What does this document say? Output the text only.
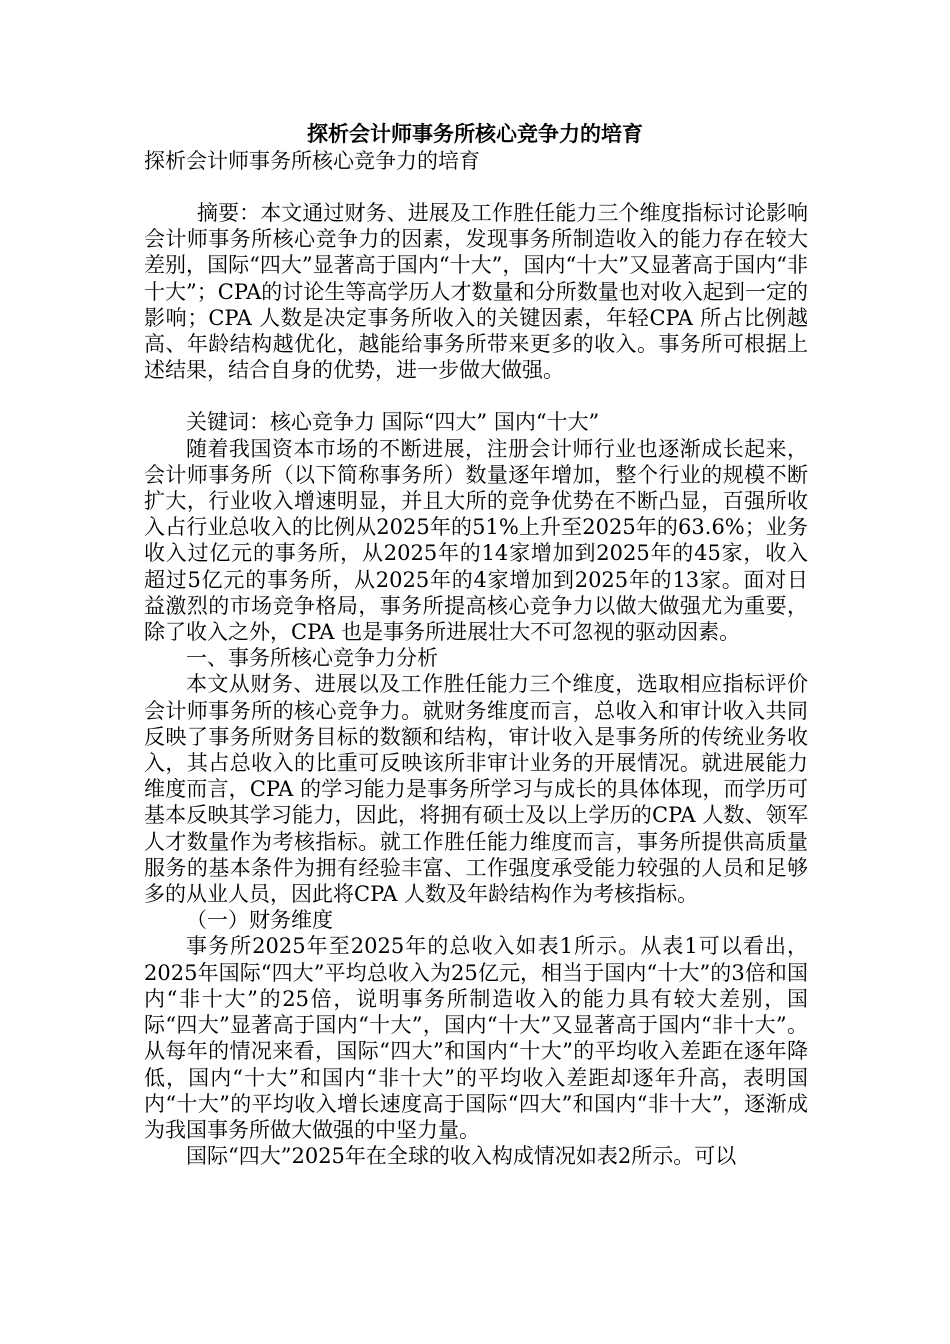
探析会计师事务所核心竞争力的培育
探析会计师事务所核心竞争力的培育

摘要：本文通过财务、进展及工作胜任能力三个维度指标讨论影响会计师事务所核心竞争力的因素，发现事务所制造收入的能力存在较大差别，国际“四大”显著高于国内“十大”，国内“十大”又显著高于国内“非十大”；CPA的讨论生等高学历人才数量和分所数量也对收入起到一定的影响；CPA 人数是决定事务所收入的关键因素，年轻CPA 所占比例越高、年龄结构越优化，越能给事务所带来更多的收入。事务所可根据上述结果，结合自身的优势，进一步做大做强。

关键词：核心竞争力 国际“四大” 国内“十大”

随着我国资本市场的不断进展，注册会计师行业也逐渐成长起来，会计师事务所（以下简称事务所）数量逐年增加，整个行业的规模不断扩大，行业收入增速明显，并且大所的竞争优势在不断凸显，百强所收入占行业总收入的比例从2025年的51%上升至2025年的63.6%；业务收入过亿元的事务所，从2025年的14家增加到2025年的45家，收入超过5亿元的事务所，从2025年的4家增加到2025年的13家。面对日益激烈的市场竞争格局，事务所提高核心竞争力以做大做强尤为重要，除了收入之外，CPA 也是事务所进展壮大不可忽视的驱动因素。

一、事务所核心竞争力分析

本文从财务、进展以及工作胜任能力三个维度，选取相应指标评价会计师事务所的核心竞争力。就财务维度而言，总收入和审计收入共同反映了事务所财务目标的数额和结构，审计收入是事务所的传统业务收入，其占总收入的比重可反映该所非审计业务的开展情况。就进展能力维度而言，CPA 的学习能力是事务所学习与成长的具体体现，而学历可基本反映其学习能力，因此，将拥有硕士及以上学历的CPA 人数、领军人才数量作为考核指标。就工作胜任能力维度而言，事务所提供高质量服务的基本条件为拥有经验丰富、工作强度承受能力较强的人员和足够多的从业人员，因此将CPA 人数及年龄结构作为考核指标。

（一）财务维度

事务所2025年至2025年的总收入如表1所示。从表1可以看出，2025年国际“四大”平均总收入为25亿元，相当于国内“十大”的3倍和国内“非十大”的25倍，说明事务所制造收入的能力具有较大差别，国际“四大”显著高于国内“十大”，国内“十大”又显著高于国内“非十大”。从每年的情况来看，国际“四大”和国内“十大”的平均收入差距在逐年降低，国内“十大”和国内“非十大”的平均收入差距却逐年升高，表明国内“十大”的平均收入增长速度高于国际“四大”和国内“非十大”，逐渐成为我国事务所做大做强的中坚力量。

国际“四大”2025年在全球的收入构成情况如表2所示。可以
